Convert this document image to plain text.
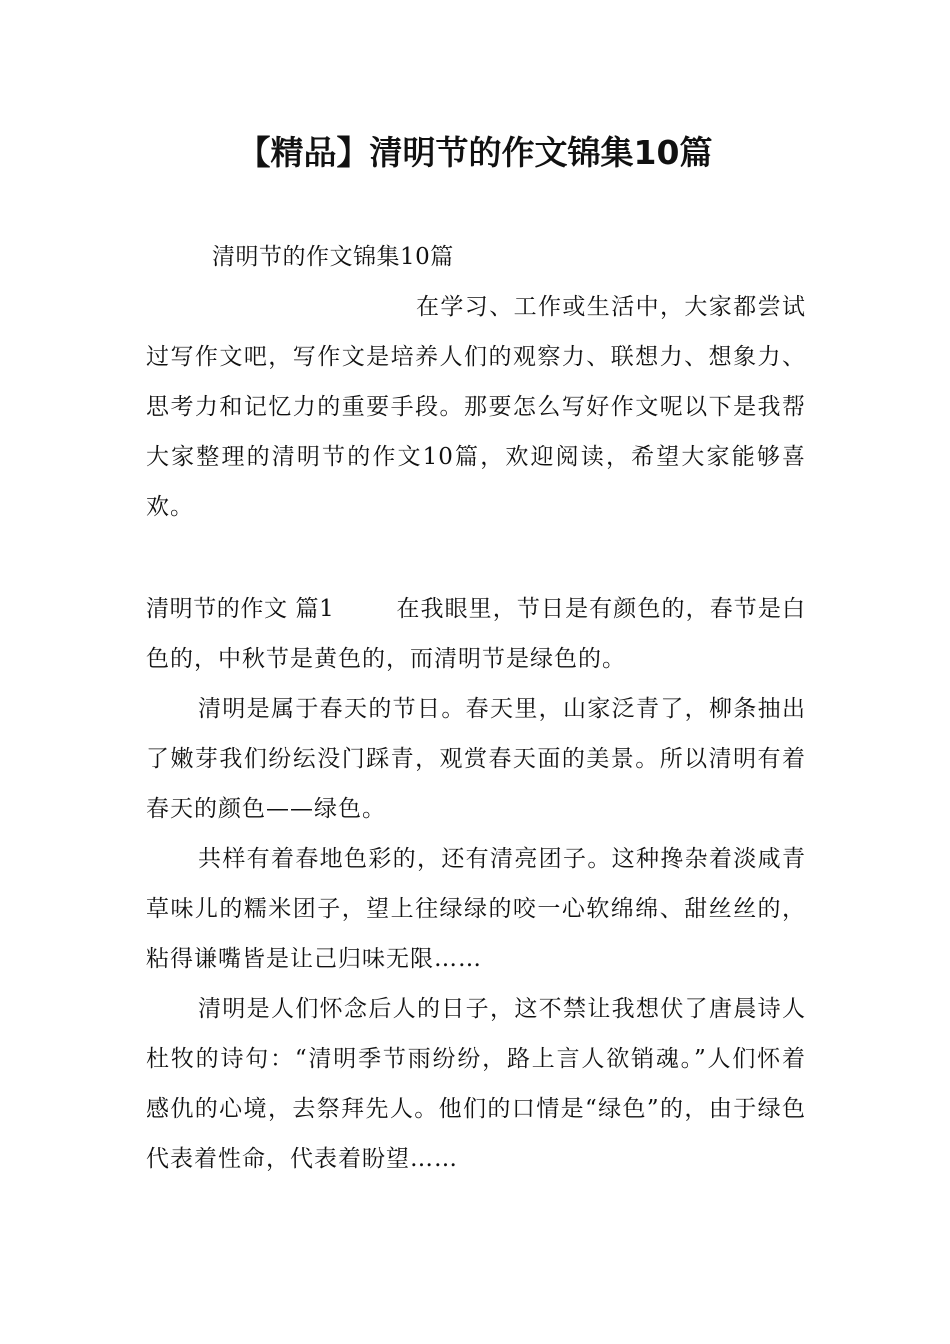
【精品】清明节的作文锦集10篇

清明节的作文锦集10篇

在学习、工作或生活中，大家都尝试过写作文吧，写作文是培养人们的观察力、联想力、想象力、思考力和记忆力的重要手段。那要怎么写好作文呢以下是我帮大家整理的清明节的作文10篇，欢迎阅读，希望大家能够喜欢。

清明节的作文 篇1	在我眼里，节日是有颜色的，春节是白色的，中秋节是黄色的，而清明节是绿色的。

清明是属于春天的节日。春天里，山家泛青了，柳条抽出了嫩芽我们纷纭没门踩青，观赏春天面的美景。所以清明有着春天的颜色——绿色。

共样有着春地色彩的，还有清亮团子。这种搀杂着淡咸青草味儿的糯米团子，望上往绿绿的咬一心软绵绵、甜丝丝的，粘得谦嘴皆是让己归味无限……

清明是人们怀念后人的日子，这不禁让我想伏了唐晨诗人杜牧的诗句：“清明季节雨纷纷，路上言人欲销魂。”人们怀着感仇的心境，去祭拜先人。他们的口情是“绿色”的，由于绿色代表着性命，代表着盼望……
